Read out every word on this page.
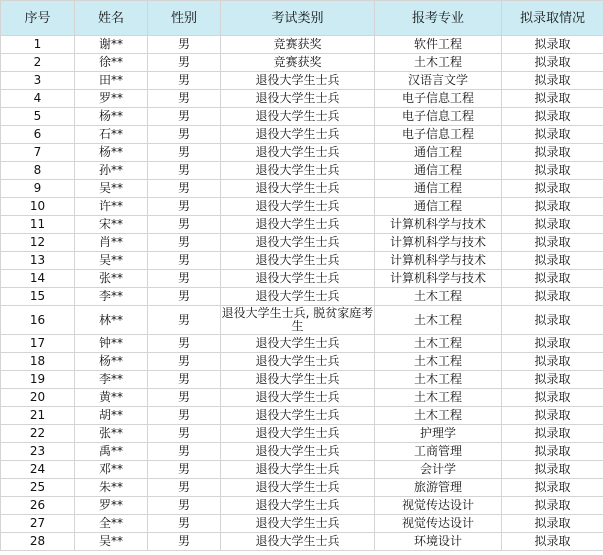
序号	姓名	性别	考试类别	报考专业	拟录取情况
1	谢**	男	竞赛获奖	软件工程	拟录取
2	徐**	男	竞赛获奖	土木工程	拟录取
3	田**	男	退役大学生士兵	汉语言文学	拟录取
4	罗**	男	退役大学生士兵	电子信息工程	拟录取
5	杨**	男	退役大学生士兵	电子信息工程	拟录取
6	石**	男	退役大学生士兵	电子信息工程	拟录取
7	杨**	男	退役大学生士兵	通信工程	拟录取
8	孙**	男	退役大学生士兵	通信工程	拟录取
9	吴**	男	退役大学生士兵	通信工程	拟录取
10	许**	男	退役大学生士兵	通信工程	拟录取
11	宋**	男	退役大学生士兵	计算机科学与技术	拟录取
12	肖**	男	退役大学生士兵	计算机科学与技术	拟录取
13	吴**	男	退役大学生士兵	计算机科学与技术	拟录取
14	张**	男	退役大学生士兵	计算机科学与技术	拟录取
15	李**	男	退役大学生士兵	土木工程	拟录取
16	林**	男	退役大学生士兵, 脱贫家庭考生	土木工程	拟录取
17	钟**	男	退役大学生士兵	土木工程	拟录取
18	杨**	男	退役大学生士兵	土木工程	拟录取
19	李**	男	退役大学生士兵	土木工程	拟录取
20	黄**	男	退役大学生士兵	土木工程	拟录取
21	胡**	男	退役大学生士兵	土木工程	拟录取
22	张**	男	退役大学生士兵	护理学	拟录取
23	禹**	男	退役大学生士兵	工商管理	拟录取
24	邓**	男	退役大学生士兵	会计学	拟录取
25	朱**	男	退役大学生士兵	旅游管理	拟录取
26	罗**	男	退役大学生士兵	视觉传达设计	拟录取
27	全**	男	退役大学生士兵	视觉传达设计	拟录取
28	吴**	男	退役大学生士兵	环境设计	拟录取
